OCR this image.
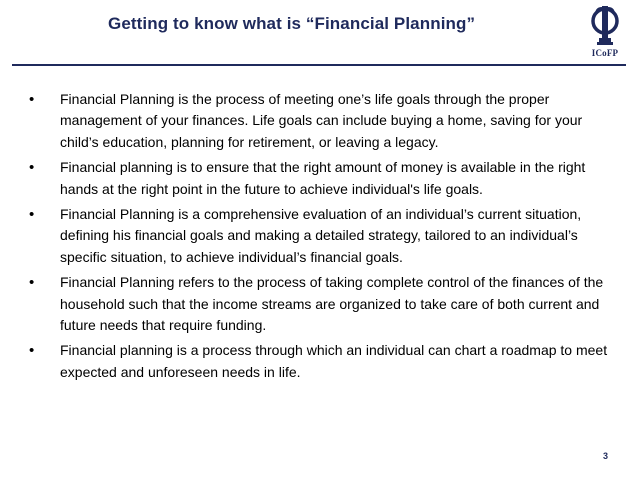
Getting to know what is “Financial Planning”
ICoFP
• Financial Planning is the process of meeting one’s life goals through the proper management of your finances. Life goals can include buying a home, saving for your child’s education, planning for retirement, or leaving a legacy.
• Financial planning is to ensure that the right amount of money is available in the right hands at the right point in the future to achieve individual's life goals.
• Financial Planning is a comprehensive evaluation of an individual’s current situation, defining his financial goals and making a detailed strategy, tailored to an individual’s specific situation, to achieve individual’s financial goals.
• Financial Planning refers to the process of taking complete control of the finances of the household such that the income streams are organized to take care of both current and future needs that require funding.
• Financial planning is a process through which an individual can chart a roadmap to meet expected and unforeseen needs in life.
3
